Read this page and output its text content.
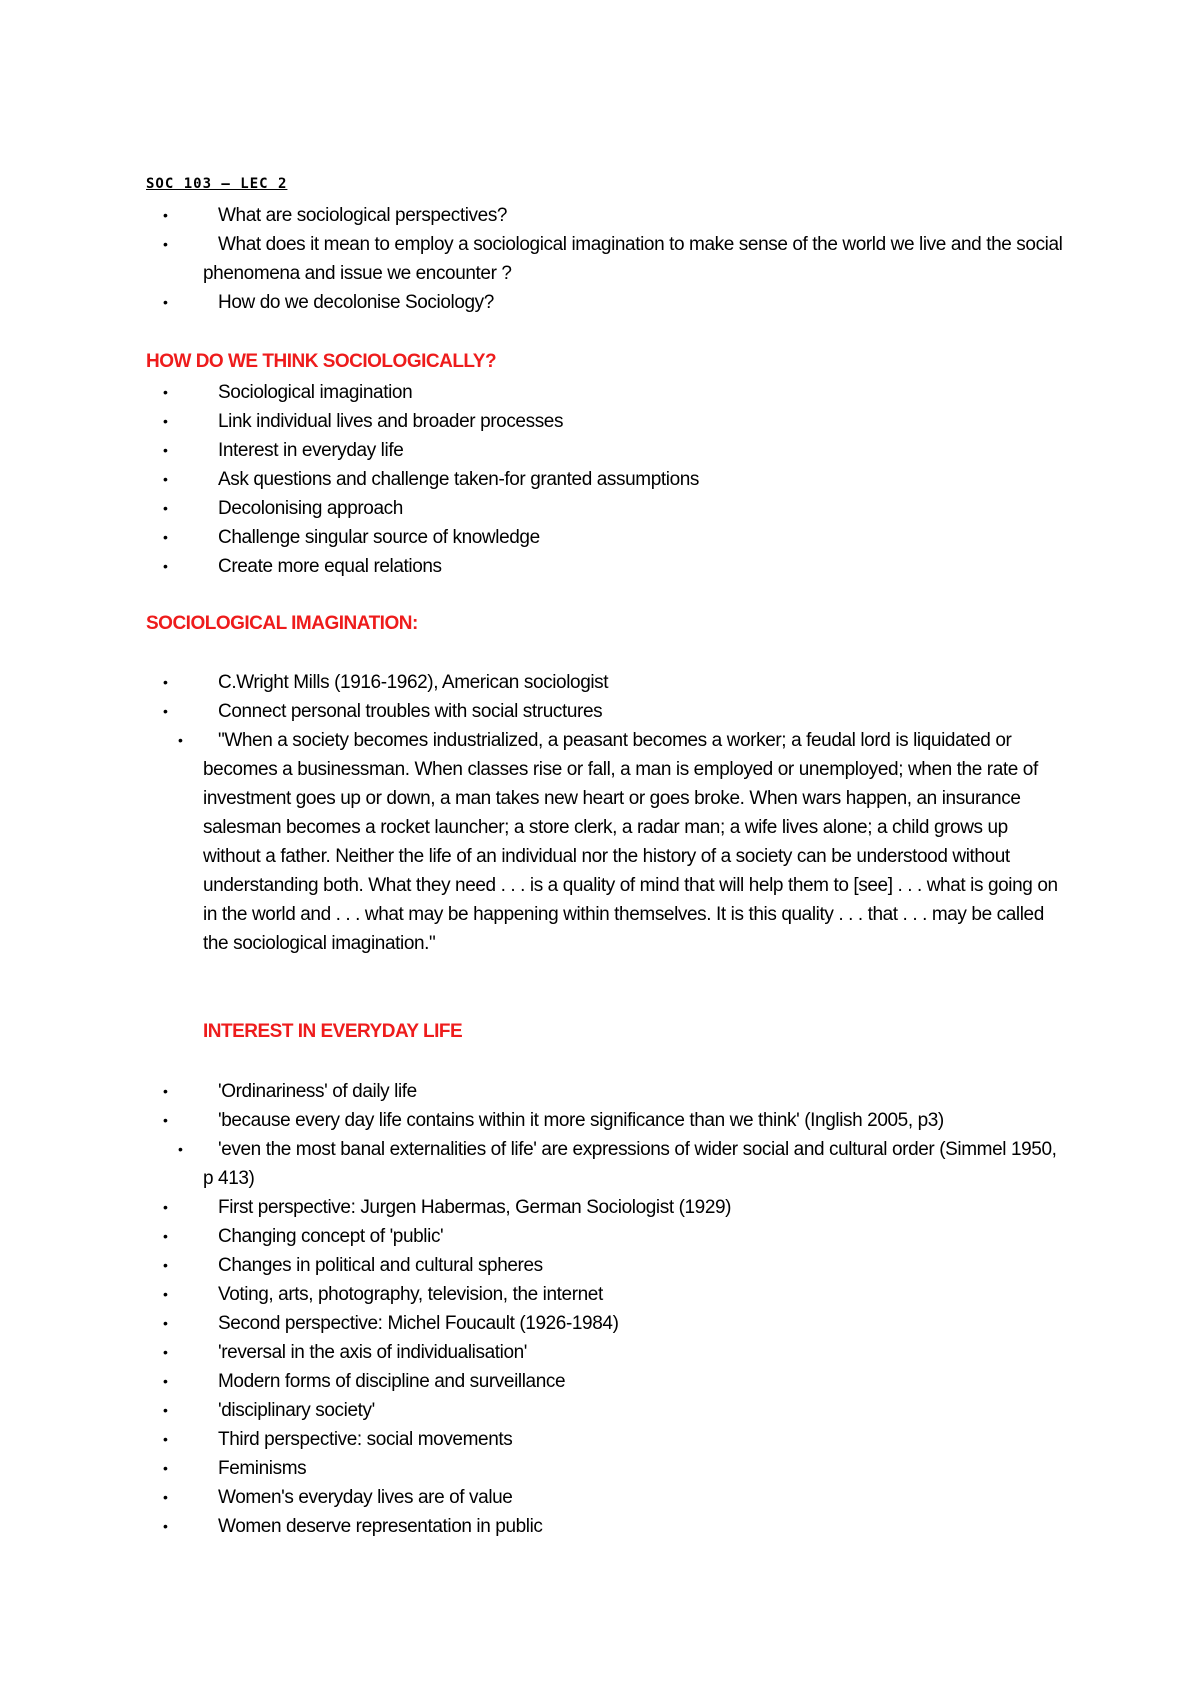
SOC 103 – LEC 2
•	What are sociological perspectives?
•	What does it mean to employ a sociological imagination to make sense of the world we live and the social phenomena and issue we encounter ?
•	How do we decolonise Sociology?
HOW DO WE THINK SOCIOLOGICALLY?
•	Sociological imagination
•	Link individual lives and broader processes
•	Interest in everyday life
•	Ask questions and challenge taken-for granted assumptions
•	Decolonising approach
•	Challenge singular source of knowledge
•	Create more equal relations
SOCIOLOGICAL IMAGINATION:
•	C.Wright Mills (1916-1962), American sociologist
•	Connect personal troubles with social structures
• "When a society becomes industrialized, a peasant becomes a worker; a feudal lord is liquidated or becomes a businessman. When classes rise or fall, a man is employed or unemployed; when the rate of investment goes up or down, a man takes new heart or goes broke. When wars happen, an insurance salesman becomes a rocket launcher; a store clerk, a radar man; a wife lives alone; a child grows up without a father. Neither the life of an individual nor the history of a society can be understood without understanding both. What they need . . . is a quality of mind that will help them to [see] . . . what is going on in the world and . . . what may be happening within themselves. It is this quality . . . that . . . may be called the sociological imagination."
INTEREST IN EVERYDAY LIFE
•	'Ordinariness' of daily life
•	'because every day life contains within it more significance than we think' (Inglish 2005, p3)
• 'even the most banal externalities of life' are expressions of wider social and cultural order (Simmel 1950, p 413)
•	First perspective: Jurgen Habermas, German Sociologist (1929)
•	Changing concept of 'public'
•	Changes in political and cultural spheres
•	Voting, arts, photography, television, the internet
•	Second perspective: Michel Foucault (1926-1984)
•	'reversal in the axis of individualisation'
•	Modern forms of discipline and surveillance
•	'disciplinary society'
•	Third perspective: social movements
•	Feminisms
•	Women's everyday lives are of value
•	Women deserve representation in public
